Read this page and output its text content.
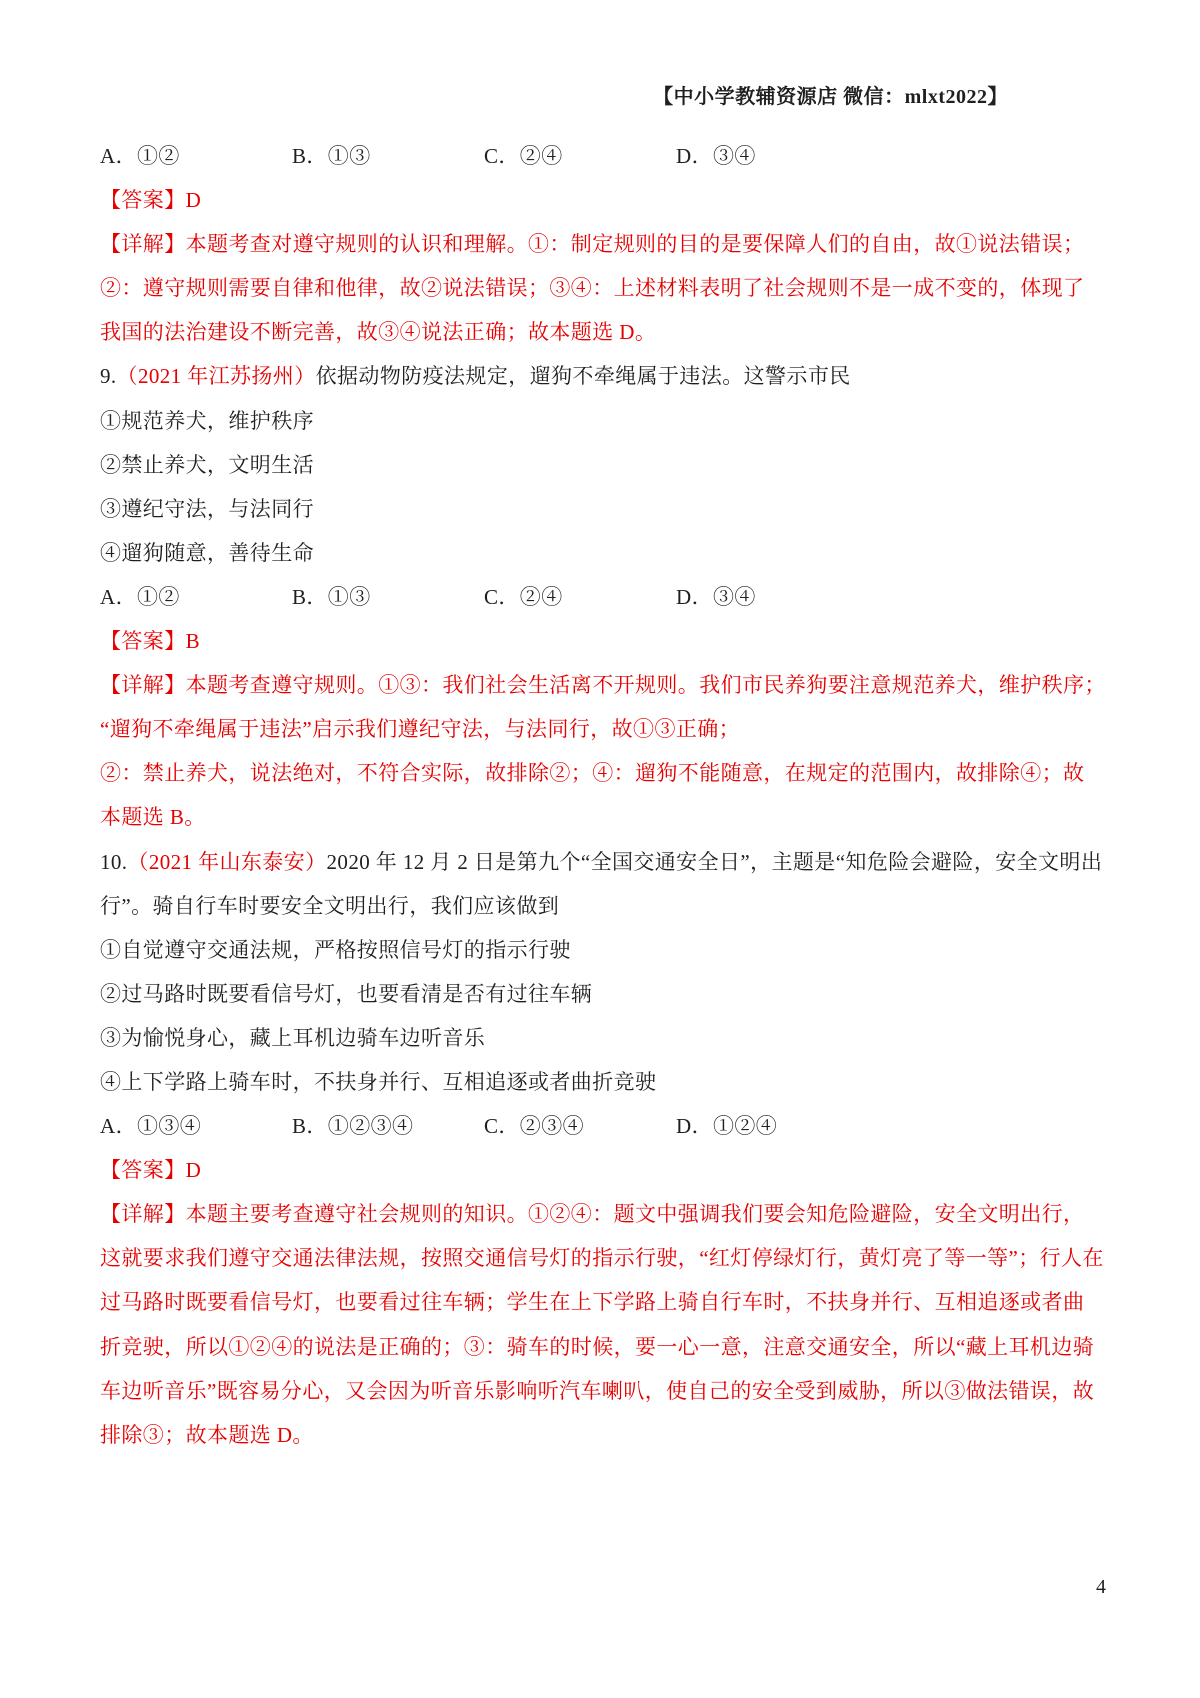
【中小学教辅资源店 微信：mlxt2022】
A．①②	B．①③	C．②④	D．③④
【答案】D
【详解】本题考查对遵守规则的认识和理解。①：制定规则的目的是要保障人们的自由，故①说法错误；
②：遵守规则需要自律和他律，故②说法错误；③④：上述材料表明了社会规则不是一成不变的，体现了
我国的法治建设不断完善，故③④说法正确；故本题选 D。
9.（2021 年江苏扬州）依据动物防疫法规定，遛狗不牵绳属于违法。这警示市民
①规范养犬，维护秩序
②禁止养犬，文明生活
③遵纪守法，与法同行
④遛狗随意，善待生命
A．①②	B．①③	C．②④	D．③④
【答案】B
【详解】本题考查遵守规则。①③：我们社会生活离不开规则。我们市民养狗要注意规范养犬，维护秩序；
“遛狗不牵绳属于违法”启示我们遵纪守法，与法同行，故①③正确；
②：禁止养犬，说法绝对，不符合实际，故排除②；④：遛狗不能随意，在规定的范围内，故排除④；故
本题选 B。
10.（2021 年山东泰安）2020 年 12 月 2 日是第九个“全国交通安全日”，主题是“知危险会避险，安全文明出
行”。骑自行车时要安全文明出行，我们应该做到
①自觉遵守交通法规，严格按照信号灯的指示行驶
②过马路时既要看信号灯，也要看清是否有过往车辆
③为愉悦身心，藏上耳机边骑车边听音乐
④上下学路上骑车时，不扶身并行、互相追逐或者曲折竞驶
A．①③④	B．①②③④	C．②③④	D．①②④
【答案】D
【详解】本题主要考查遵守社会规则的知识。①②④：题文中强调我们要会知危险避险，安全文明出行，
这就要求我们遵守交通法律法规，按照交通信号灯的指示行驶，“红灯停绿灯行，黄灯亮了等一等”；行人在
过马路时既要看信号灯，也要看过往车辆；学生在上下学路上骑自行车时，不扶身并行、互相追逐或者曲
折竞驶，所以①②④的说法是正确的；③：骑车的时候，要一心一意，注意交通安全，所以“藏上耳机边骑
车边听音乐”既容易分心，又会因为听音乐影响听汽车喇叭，使自己的安全受到威胁，所以③做法错误，故
排除③；故本题选 D。
4
